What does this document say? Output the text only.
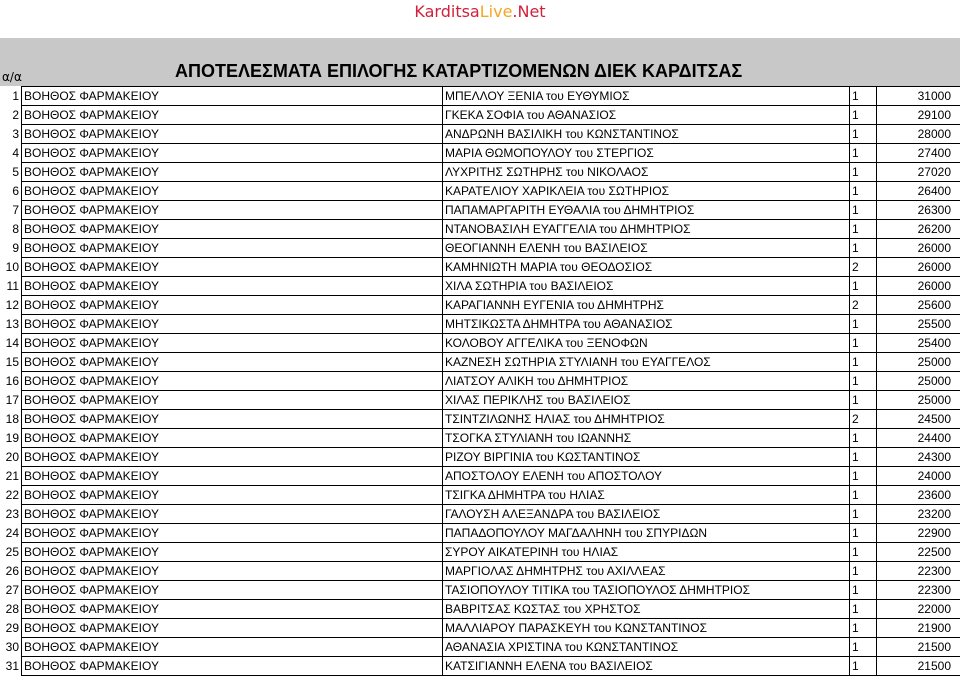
KarditsaLive.Net
α/α	ΑΠΟΤΕΛΕΣΜΑΤΑ ΕΠΙΛΟΓΗΣ ΚΑΤΑΡΤΙΖΟΜΕΝΩΝ ΔΙΕΚ ΚΑΡΔΙΤΣΑΣ
1	ΒΟΗΘΟΣ ΦΑΡΜΑΚΕΙΟΥ	ΜΠΕΛΛΟΥ ΞΕΝΙΑ του ΕΥΘΥΜΙΟΣ	1	31000
2	ΒΟΗΘΟΣ ΦΑΡΜΑΚΕΙΟΥ	ΓΚΕΚΑ ΣΟΦΙΑ του ΑΘΑΝΑΣΙΟΣ	1	29100
3	ΒΟΗΘΟΣ ΦΑΡΜΑΚΕΙΟΥ	ΑΝΔΡΩΝΗ ΒΑΣΙΛΙΚΗ του ΚΩΝΣΤΑΝΤΙΝΟΣ	1	28000
4	ΒΟΗΘΟΣ ΦΑΡΜΑΚΕΙΟΥ	ΜΑΡΙΑ ΘΩΜΟΠΟΥΛΟΥ του ΣΤΕΡΓΙΟΣ	1	27400
5	ΒΟΗΘΟΣ ΦΑΡΜΑΚΕΙΟΥ	ΛΥΧΡΙΤΗΣ ΣΩΤΗΡΗΣ του ΝΙΚΟΛΑΟΣ	1	27020
6	ΒΟΗΘΟΣ ΦΑΡΜΑΚΕΙΟΥ	ΚΑΡΑΤΕΛΙΟΥ ΧΑΡΙΚΛΕΙΑ του ΣΩΤΗΡΙΟΣ	1	26400
7	ΒΟΗΘΟΣ ΦΑΡΜΑΚΕΙΟΥ	ΠΑΠΑΜΑΡΓΑΡΙΤΗ ΕΥΘΑΛΙΑ του ΔΗΜΗΤΡΙΟΣ	1	26300
8	ΒΟΗΘΟΣ ΦΑΡΜΑΚΕΙΟΥ	ΝΤΑΝΟΒΑΣΙΛΗ ΕΥΑΓΓΕΛΙΑ του ΔΗΜΗΤΡΙΟΣ	1	26200
9	ΒΟΗΘΟΣ ΦΑΡΜΑΚΕΙΟΥ	ΘΕΟΓΙΑΝΝΗ ΕΛΕΝΗ του ΒΑΣΙΛΕΙΟΣ	1	26000
10	ΒΟΗΘΟΣ ΦΑΡΜΑΚΕΙΟΥ	ΚΑΜΗΝΙΩΤΗ ΜΑΡΙΑ του ΘΕΟΔΟΣΙΟΣ	2	26000
11	ΒΟΗΘΟΣ ΦΑΡΜΑΚΕΙΟΥ	ΧΙΛΑ ΣΩΤΗΡΙΑ του ΒΑΣΙΛΕΙΟΣ	1	26000
12	ΒΟΗΘΟΣ ΦΑΡΜΑΚΕΙΟΥ	ΚΑΡΑΓΙΑΝΝΗ ΕΥΓΕΝΙΑ του ΔΗΜΗΤΡΗΣ	2	25600
13	ΒΟΗΘΟΣ ΦΑΡΜΑΚΕΙΟΥ	ΜΗΤΣΙΚΩΣΤΑ ΔΗΜΗΤΡΑ του ΑΘΑΝΑΣΙΟΣ	1	25500
14	ΒΟΗΘΟΣ ΦΑΡΜΑΚΕΙΟΥ	ΚΟΛΟΒΟΥ ΑΓΓΕΛΙΚΑ του ΞΕΝΟΦΩΝ	1	25400
15	ΒΟΗΘΟΣ ΦΑΡΜΑΚΕΙΟΥ	ΚΑΖΝΕΣΗ ΣΩΤΗΡΙΑ ΣΤΥΛΙΑΝΗ του ΕΥΑΓΓΕΛΟΣ	1	25000
16	ΒΟΗΘΟΣ ΦΑΡΜΑΚΕΙΟΥ	ΛΙΑΤΣΟΥ ΑΛΙΚΗ του ΔΗΜΗΤΡΙΟΣ	1	25000
17	ΒΟΗΘΟΣ ΦΑΡΜΑΚΕΙΟΥ	ΧΙΛΑΣ ΠΕΡΙΚΛΗΣ του ΒΑΣΙΛΕΙΟΣ	1	25000
18	ΒΟΗΘΟΣ ΦΑΡΜΑΚΕΙΟΥ	ΤΣΙΝΤΖΙΛΩΝΗΣ ΗΛΙΑΣ του ΔΗΜΗΤΡΙΟΣ	2	24500
19	ΒΟΗΘΟΣ ΦΑΡΜΑΚΕΙΟΥ	ΤΣΟΓΚΑ ΣΤΥΛΙΑΝΗ του ΙΩΑΝΝΗΣ	1	24400
20	ΒΟΗΘΟΣ ΦΑΡΜΑΚΕΙΟΥ	ΡΙΖΟΥ ΒΙΡΓΙΝΙΑ του ΚΩΣΤΑΝΤΙΝΟΣ	1	24300
21	ΒΟΗΘΟΣ ΦΑΡΜΑΚΕΙΟΥ	ΑΠΟΣΤΟΛΟΥ ΕΛΕΝΗ του ΑΠΟΣΤΟΛΟΥ	1	24000
22	ΒΟΗΘΟΣ ΦΑΡΜΑΚΕΙΟΥ	ΤΣΙΓΚΑ ΔΗΜΗΤΡΑ του ΗΛΙΑΣ	1	23600
23	ΒΟΗΘΟΣ ΦΑΡΜΑΚΕΙΟΥ	ΓΑΛΟΥΣΗ ΑΛΕΞΑΝΔΡΑ του ΒΑΣΙΛΕΙΟΣ	1	23200
24	ΒΟΗΘΟΣ ΦΑΡΜΑΚΕΙΟΥ	ΠΑΠΑΔΟΠΟΥΛΟΥ ΜΑΓΔΑΛΗΝΗ του ΣΠΥΡΙΔΩΝ	1	22900
25	ΒΟΗΘΟΣ ΦΑΡΜΑΚΕΙΟΥ	ΣΥΡΟΥ ΑΙΚΑΤΕΡΙΝΗ του ΗΛΙΑΣ	1	22500
26	ΒΟΗΘΟΣ ΦΑΡΜΑΚΕΙΟΥ	ΜΑΡΓΙΟΛΑΣ ΔΗΜΗΤΡΗΣ του ΑΧΙΛΛΕΑΣ	1	22300
27	ΒΟΗΘΟΣ ΦΑΡΜΑΚΕΙΟΥ	ΤΑΣΙΟΠΟΥΛΟΥ ΤΙΤΙΚΑ του ΤΑΣΙΟΠΟΥΛΟΣ ΔΗΜΗΤΡΙΟΣ	1	22300
28	ΒΟΗΘΟΣ ΦΑΡΜΑΚΕΙΟΥ	ΒΑΒΡΙΤΣΑΣ ΚΩΣΤΑΣ του ΧΡΗΣΤΟΣ	1	22000
29	ΒΟΗΘΟΣ ΦΑΡΜΑΚΕΙΟΥ	ΜΑΛΛΙΑΡΟΥ ΠΑΡΑΣΚΕΥΗ του ΚΩΝΣΤΑΝΤΙΝΟΣ	1	21900
30	ΒΟΗΘΟΣ ΦΑΡΜΑΚΕΙΟΥ	ΑΘΑΝΑΣΙΑ ΧΡΙΣΤΙΝΑ του ΚΩΝΣΤΑΝΤΙΝΟΣ	1	21500
31	ΒΟΗΘΟΣ ΦΑΡΜΑΚΕΙΟΥ	ΚΑΤΣΙΓΙΑΝΝΗ ΕΛΕΝΑ του ΒΑΣΙΛΕΙΟΣ	1	21500
